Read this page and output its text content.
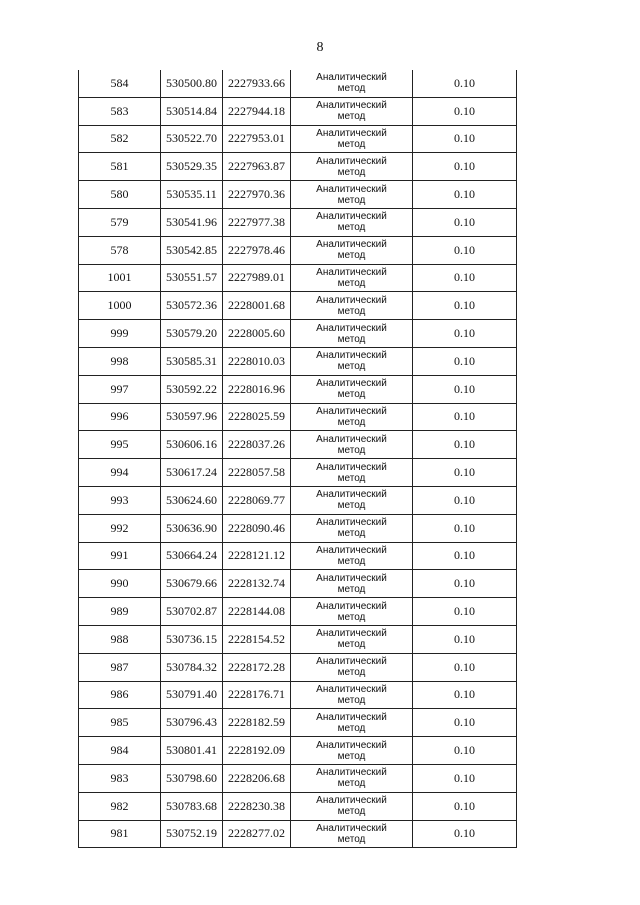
8
584	530500.80	2227933.66	Аналитический
метод	0.10
583	530514.84	2227944.18	Аналитический
метод	0.10
582	530522.70	2227953.01	Аналитический
метод	0.10
581	530529.35	2227963.87	Аналитический
метод	0.10
580	530535.11	2227970.36	Аналитический
метод	0.10
579	530541.96	2227977.38	Аналитический
метод	0.10
578	530542.85	2227978.46	Аналитический
метод	0.10
1001	530551.57	2227989.01	Аналитический
метод	0.10
1000	530572.36	2228001.68	Аналитический
метод	0.10
999	530579.20	2228005.60	Аналитический
метод	0.10
998	530585.31	2228010.03	Аналитический
метод	0.10
997	530592.22	2228016.96	Аналитический
метод	0.10
996	530597.96	2228025.59	Аналитический
метод	0.10
995	530606.16	2228037.26	Аналитический
метод	0.10
994	530617.24	2228057.58	Аналитический
метод	0.10
993	530624.60	2228069.77	Аналитический
метод	0.10
992	530636.90	2228090.46	Аналитический
метод	0.10
991	530664.24	2228121.12	Аналитический
метод	0.10
990	530679.66	2228132.74	Аналитический
метод	0.10
989	530702.87	2228144.08	Аналитический
метод	0.10
988	530736.15	2228154.52	Аналитический
метод	0.10
987	530784.32	2228172.28	Аналитический
метод	0.10
986	530791.40	2228176.71	Аналитический
метод	0.10
985	530796.43	2228182.59	Аналитический
метод	0.10
984	530801.41	2228192.09	Аналитический
метод	0.10
983	530798.60	2228206.68	Аналитический
метод	0.10
982	530783.68	2228230.38	Аналитический
метод	0.10
981	530752.19	2228277.02	Аналитический
метод	0.10
